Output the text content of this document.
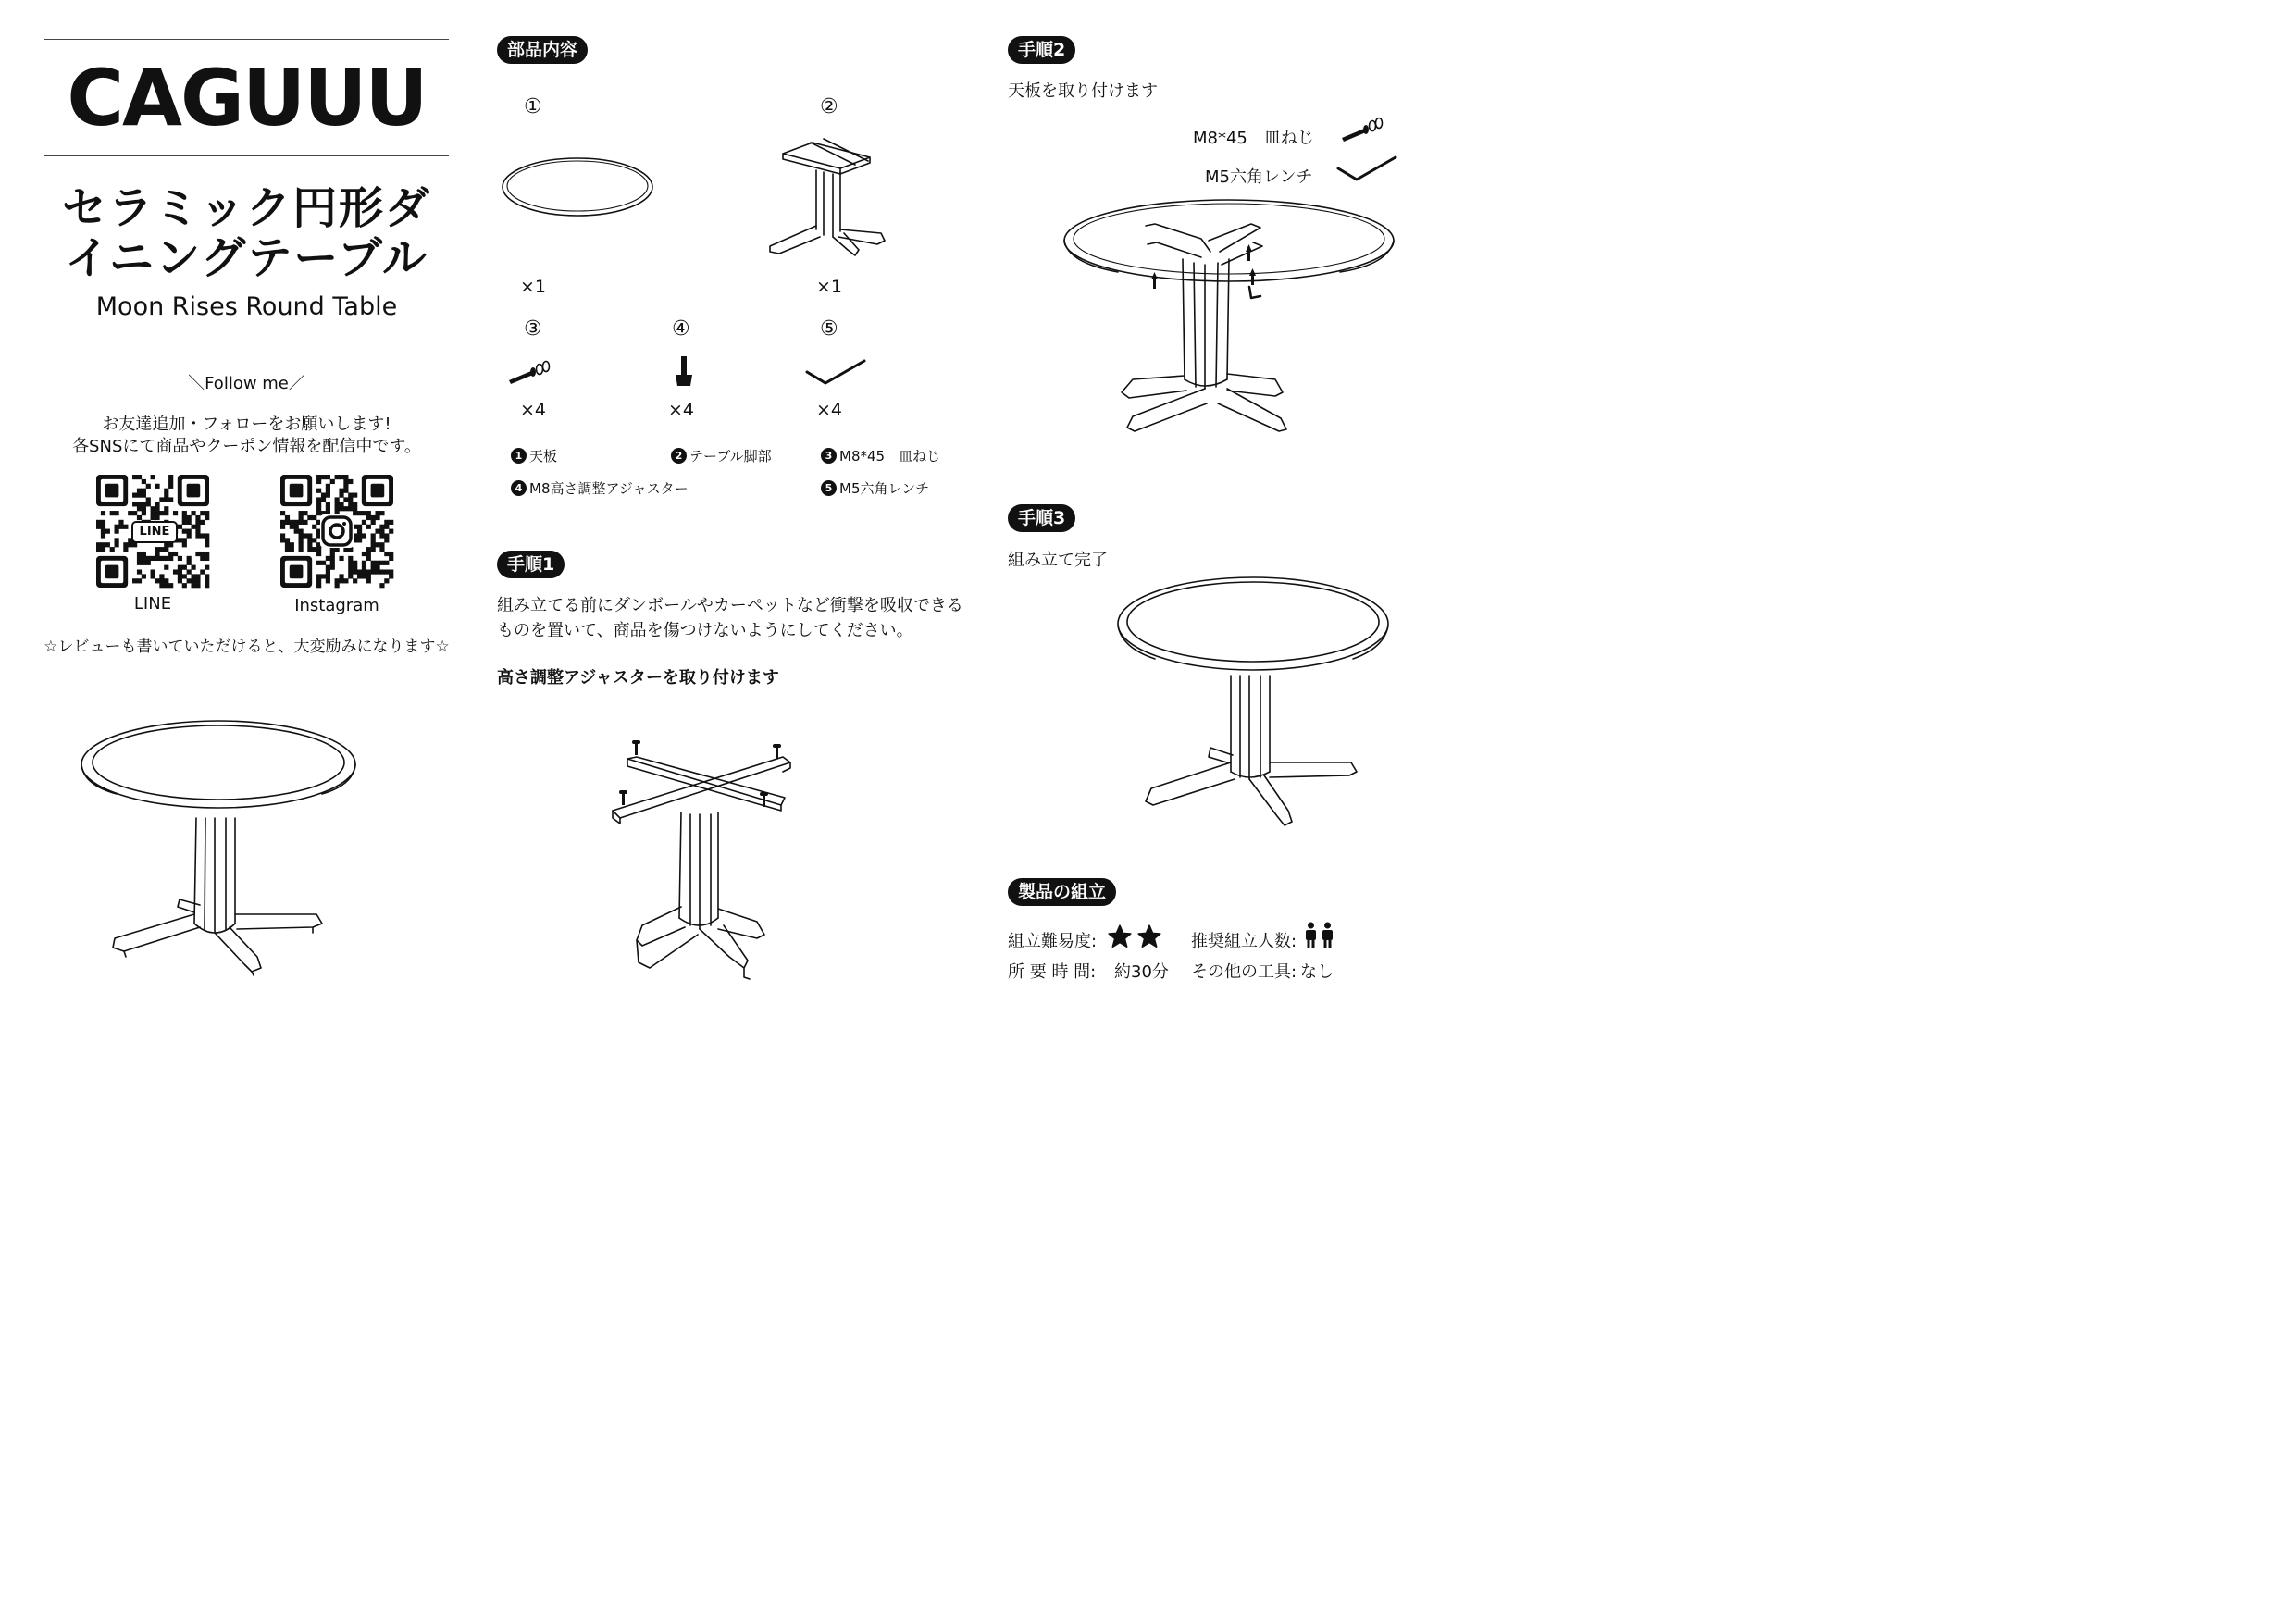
CAGUUU
セラミック円形ダ
イニングテーブル
Moon Rises Round Table
＼Follow me／
お友達追加・フォローをお願いします!
各SNSにて商品やクーポン情報を配信中です。
LINE
LINE	Instagram
☆レビューも書いていただけると、大変励みになります☆
部品内容
①	②
×1	×1
③	④	⑤
×4	×4	×4
1 天板	2 テーブル脚部	3 M8*45　皿ねじ
4 M8高さ調整アジャスター	5 M5六角レンチ
手順1
組み立てる前にダンボールやカーペットなど衝撃を吸収できる
ものを置いて、商品を傷つけないようにしてください。
高さ調整アジャスターを取り付けます
手順2
天板を取り付けます
M8*45　皿ねじ
M5六角レンチ
手順3
組み立て完了
製品の組立
組立難易度:	推奨組立人数:
所 要 時 間: 約30分 その他の工具: なし
